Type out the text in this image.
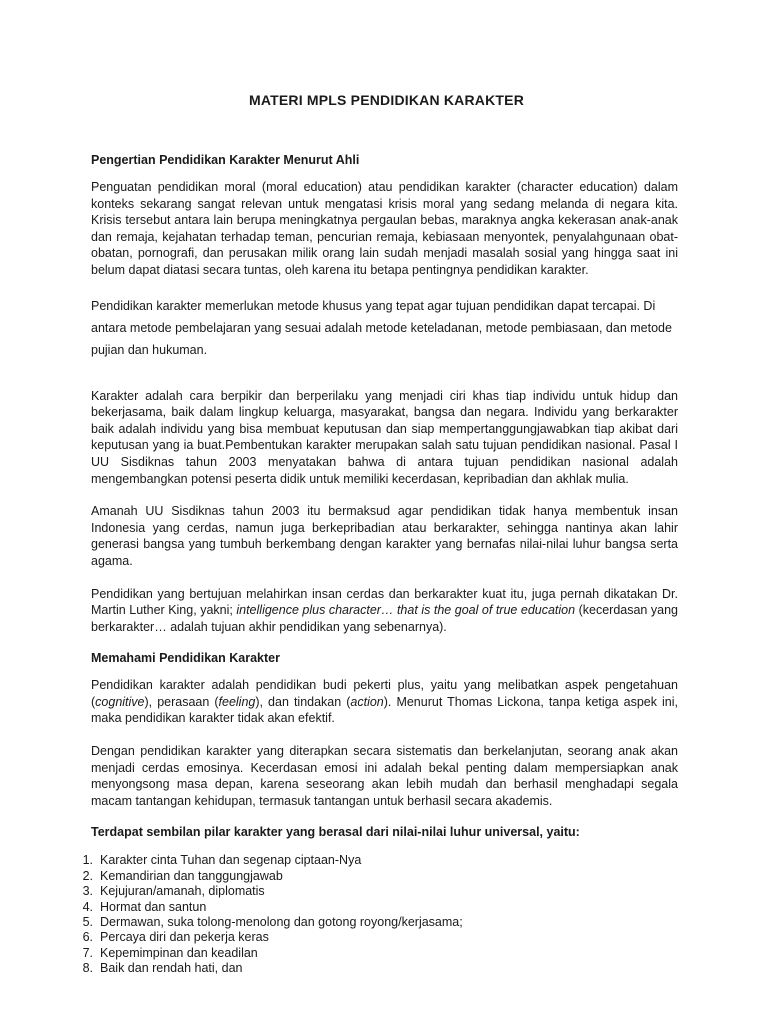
MATERI MPLS PENDIDIKAN KARAKTER
Pengertian Pendidikan Karakter Menurut Ahli

Penguatan pendidikan moral (moral education) atau pendidikan karakter (character education) dalam konteks sekarang sangat relevan untuk mengatasi krisis moral yang sedang melanda di negara kita. Krisis tersebut antara lain berupa meningkatnya pergaulan bebas, maraknya angka kekerasan anak-anak dan remaja, kejahatan terhadap teman, pencurian remaja, kebiasaan menyontek, penyalahgunaan obat-obatan, pornografi, dan perusakan milik orang lain sudah menjadi masalah sosial yang hingga saat ini belum dapat diatasi secara tuntas, oleh karena itu betapa pentingnya pendidikan karakter.

Pendidikan karakter memerlukan metode khusus yang tepat agar tujuan pendidikan dapat tercapai. Di antara metode pembelajaran yang sesuai adalah metode keteladanan, metode pembiasaan, dan metode pujian dan hukuman.

Karakter adalah cara berpikir dan berperilaku yang menjadi ciri khas tiap individu untuk hidup dan bekerjasama, baik dalam lingkup keluarga, masyarakat, bangsa dan negara. Individu yang berkarakter baik adalah individu yang bisa membuat keputusan dan siap mempertanggungjawabkan tiap akibat dari keputusan yang ia buat.Pembentukan karakter merupakan salah satu tujuan pendidikan nasional. Pasal I UU Sisdiknas tahun 2003 menyatakan bahwa di antara tujuan pendidikan nasional adalah mengembangkan potensi peserta didik untuk memiliki kecerdasan, kepribadian dan akhlak mulia.

Amanah UU Sisdiknas tahun 2003 itu bermaksud agar pendidikan tidak hanya membentuk insan Indonesia yang cerdas, namun juga berkepribadian atau berkarakter, sehingga nantinya akan lahir generasi bangsa yang tumbuh berkembang dengan karakter yang bernafas nilai-nilai luhur bangsa serta agama.

Pendidikan yang bertujuan melahirkan insan cerdas dan berkarakter kuat itu, juga pernah dikatakan Dr. Martin Luther King, yakni; intelligence plus character… that is the goal of true education (kecerdasan yang berkarakter… adalah tujuan akhir pendidikan yang sebenarnya).

Memahami Pendidikan Karakter

Pendidikan karakter adalah pendidikan budi pekerti plus, yaitu yang melibatkan aspek pengetahuan (cognitive), perasaan (feeling), dan tindakan (action). Menurut Thomas Lickona, tanpa ketiga aspek ini, maka pendidikan karakter tidak akan efektif.

Dengan pendidikan karakter yang diterapkan secara sistematis dan berkelanjutan, seorang anak akan menjadi cerdas emosinya. Kecerdasan emosi ini adalah bekal penting dalam mempersiapkan anak menyongsong masa depan, karena seseorang akan lebih mudah dan berhasil menghadapi segala macam tantangan kehidupan, termasuk tantangan untuk berhasil secara akademis.

Terdapat sembilan pilar karakter yang berasal dari nilai-nilai luhur universal, yaitu:
1. Karakter cinta Tuhan dan segenap ciptaan-Nya
2. Kemandirian dan tanggungjawab
3. Kejujuran/amanah, diplomatis
4. Hormat dan santun
5. Dermawan, suka tolong-menolong dan gotong royong/kerjasama;
6. Percaya diri dan pekerja keras
7. Kepemimpinan dan keadilan
8. Baik dan rendah hati, dan
